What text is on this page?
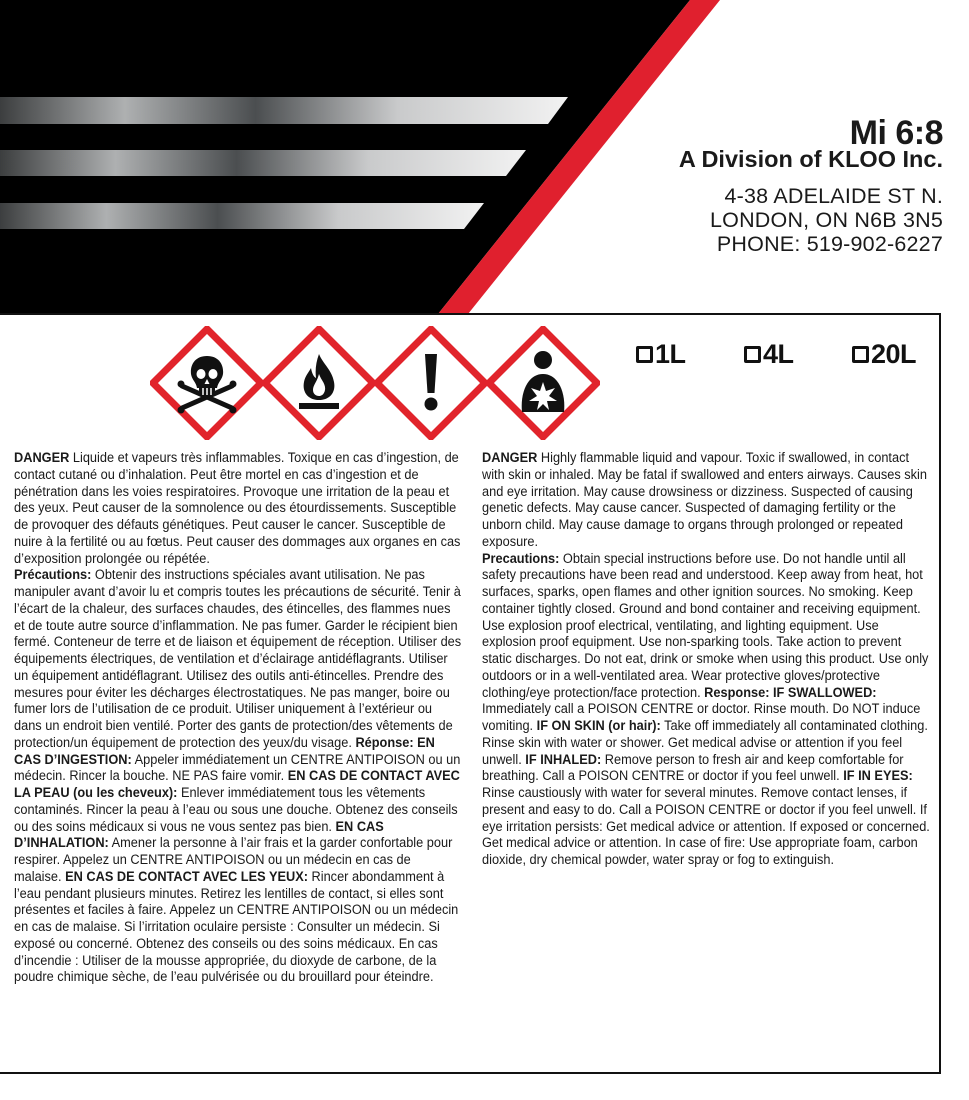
Mi 6:8
A Division of KLOO Inc.
4-38 ADELAIDE ST N.
LONDON, ON N6B 3N5
PHONE: 519-902-6227
1L	4L	20L

DANGER Liquide et vapeurs très inflammables. Toxique en cas d’ingestion, de contact cutané ou d’inhalation. Peut être mortel en cas d’ingestion et de pénétration dans les voies respiratoires. Provoque une irritation de la peau et des yeux. Peut causer de la somnolence ou des étourdissements. Susceptible de provoquer des défauts génétiques. Peut causer le cancer. Susceptible de nuire à la fertilité ou au fœtus. Peut causer des dommages aux organes en cas d’exposition prolongée ou répétée.

Précautions: Obtenir des instructions spéciales avant utilisation. Ne pas manipuler avant d’avoir lu et compris toutes les précautions de sécurité. Tenir à l’écart de la chaleur, des surfaces chaudes, des étincelles, des flammes nues et de toute autre source d’inflammation. Ne pas fumer. Garder le récipient bien fermé. Conteneur de terre et de liaison et équipement de réception. Utiliser des équipements électriques, de ventilation et d’éclairage antidéflagrants. Utiliser un équipement antidéflagrant. Utilisez des outils anti-étincelles. Prendre des mesures pour éviter les décharges électrostatiques. Ne pas manger, boire ou fumer lors de l’utilisation de ce produit. Utiliser uniquement à l’extérieur ou dans un endroit bien ventilé. Porter des gants de protection/des vêtements de protection/un équipement de protection des yeux/du visage. Réponse: EN CAS D’INGESTION: Appeler immédiatement un CENTRE ANTIPOISON ou un médecin. Rincer la bouche. NE PAS faire vomir. EN CAS DE CONTACT AVEC LA PEAU (ou les cheveux): Enlever immédiatement tous les vêtements contaminés. Rincer la peau à l’eau ou sous une douche. Obtenez des conseils ou des soins médicaux si vous ne vous sentez pas bien. EN CAS D’INHALATION: Amener la personne à l’air frais et la garder confortable pour respirer. Appelez un CENTRE ANTIPOISON ou un médecin en cas de malaise. EN CAS DE CONTACT AVEC LES YEUX: Rincer abondamment à l’eau pendant plusieurs minutes. Retirez les lentilles de contact, si elles sont présentes et faciles à faire. Appelez un CENTRE ANTIPOISON ou un médecin en cas de malaise. Si l’irritation oculaire persiste : Consulter un médecin. Si exposé ou concerné. Obtenez des conseils ou des soins médicaux. En cas d’incendie : Utiliser de la mousse appropriée, du dioxyde de carbone, de la poudre chimique sèche, de l’eau pulvérisée ou du brouillard pour éteindre.

DANGER Highly flammable liquid and vapour. Toxic if swallowed, in contact with skin or inhaled. May be fatal if swallowed and enters airways. Causes skin and eye irritation. May cause drowsiness or dizziness. Suspected of causing genetic defects. May cause cancer. Suspected of damaging fertility or the unborn child. May cause damage to organs through prolonged or repeated exposure.

Precautions: Obtain special instructions before use. Do not handle until all safety precautions have been read and understood. Keep away from heat, hot surfaces, sparks, open flames and other ignition sources. No smoking. Keep container tightly closed. Ground and bond container and receiving equipment. Use explosion proof electrical, ventilating, and lighting equipment. Use explosion proof equipment. Use non-sparking tools. Take action to prevent static discharges. Do not eat, drink or smoke when using this product. Use only outdoors or in a well-ventilated area. Wear protective gloves/protective clothing/eye protection/face protection. Response: IF SWALLOWED: Immediately call a POISON CENTRE or doctor. Rinse mouth. Do NOT induce vomiting. IF ON SKIN (or hair): Take off immediately all contaminated clothing. Rinse skin with water or shower. Get medical advise or attention if you feel unwell. IF INHALED: Remove person to fresh air and keep comfortable for breathing. Call a POISON CENTRE or doctor if you feel unwell. IF IN EYES: Rinse caustiously with water for several minutes. Remove contact lenses, if present and easy to do. Call a POISON CENTRE or doctor if you feel unwell. If eye irritation persists: Get medical advice or attention. If exposed or concerned. Get medical advice or attention. In case of fire: Use appropriate foam, carbon dioxide, dry chemical powder, water spray or fog to extinguish.
